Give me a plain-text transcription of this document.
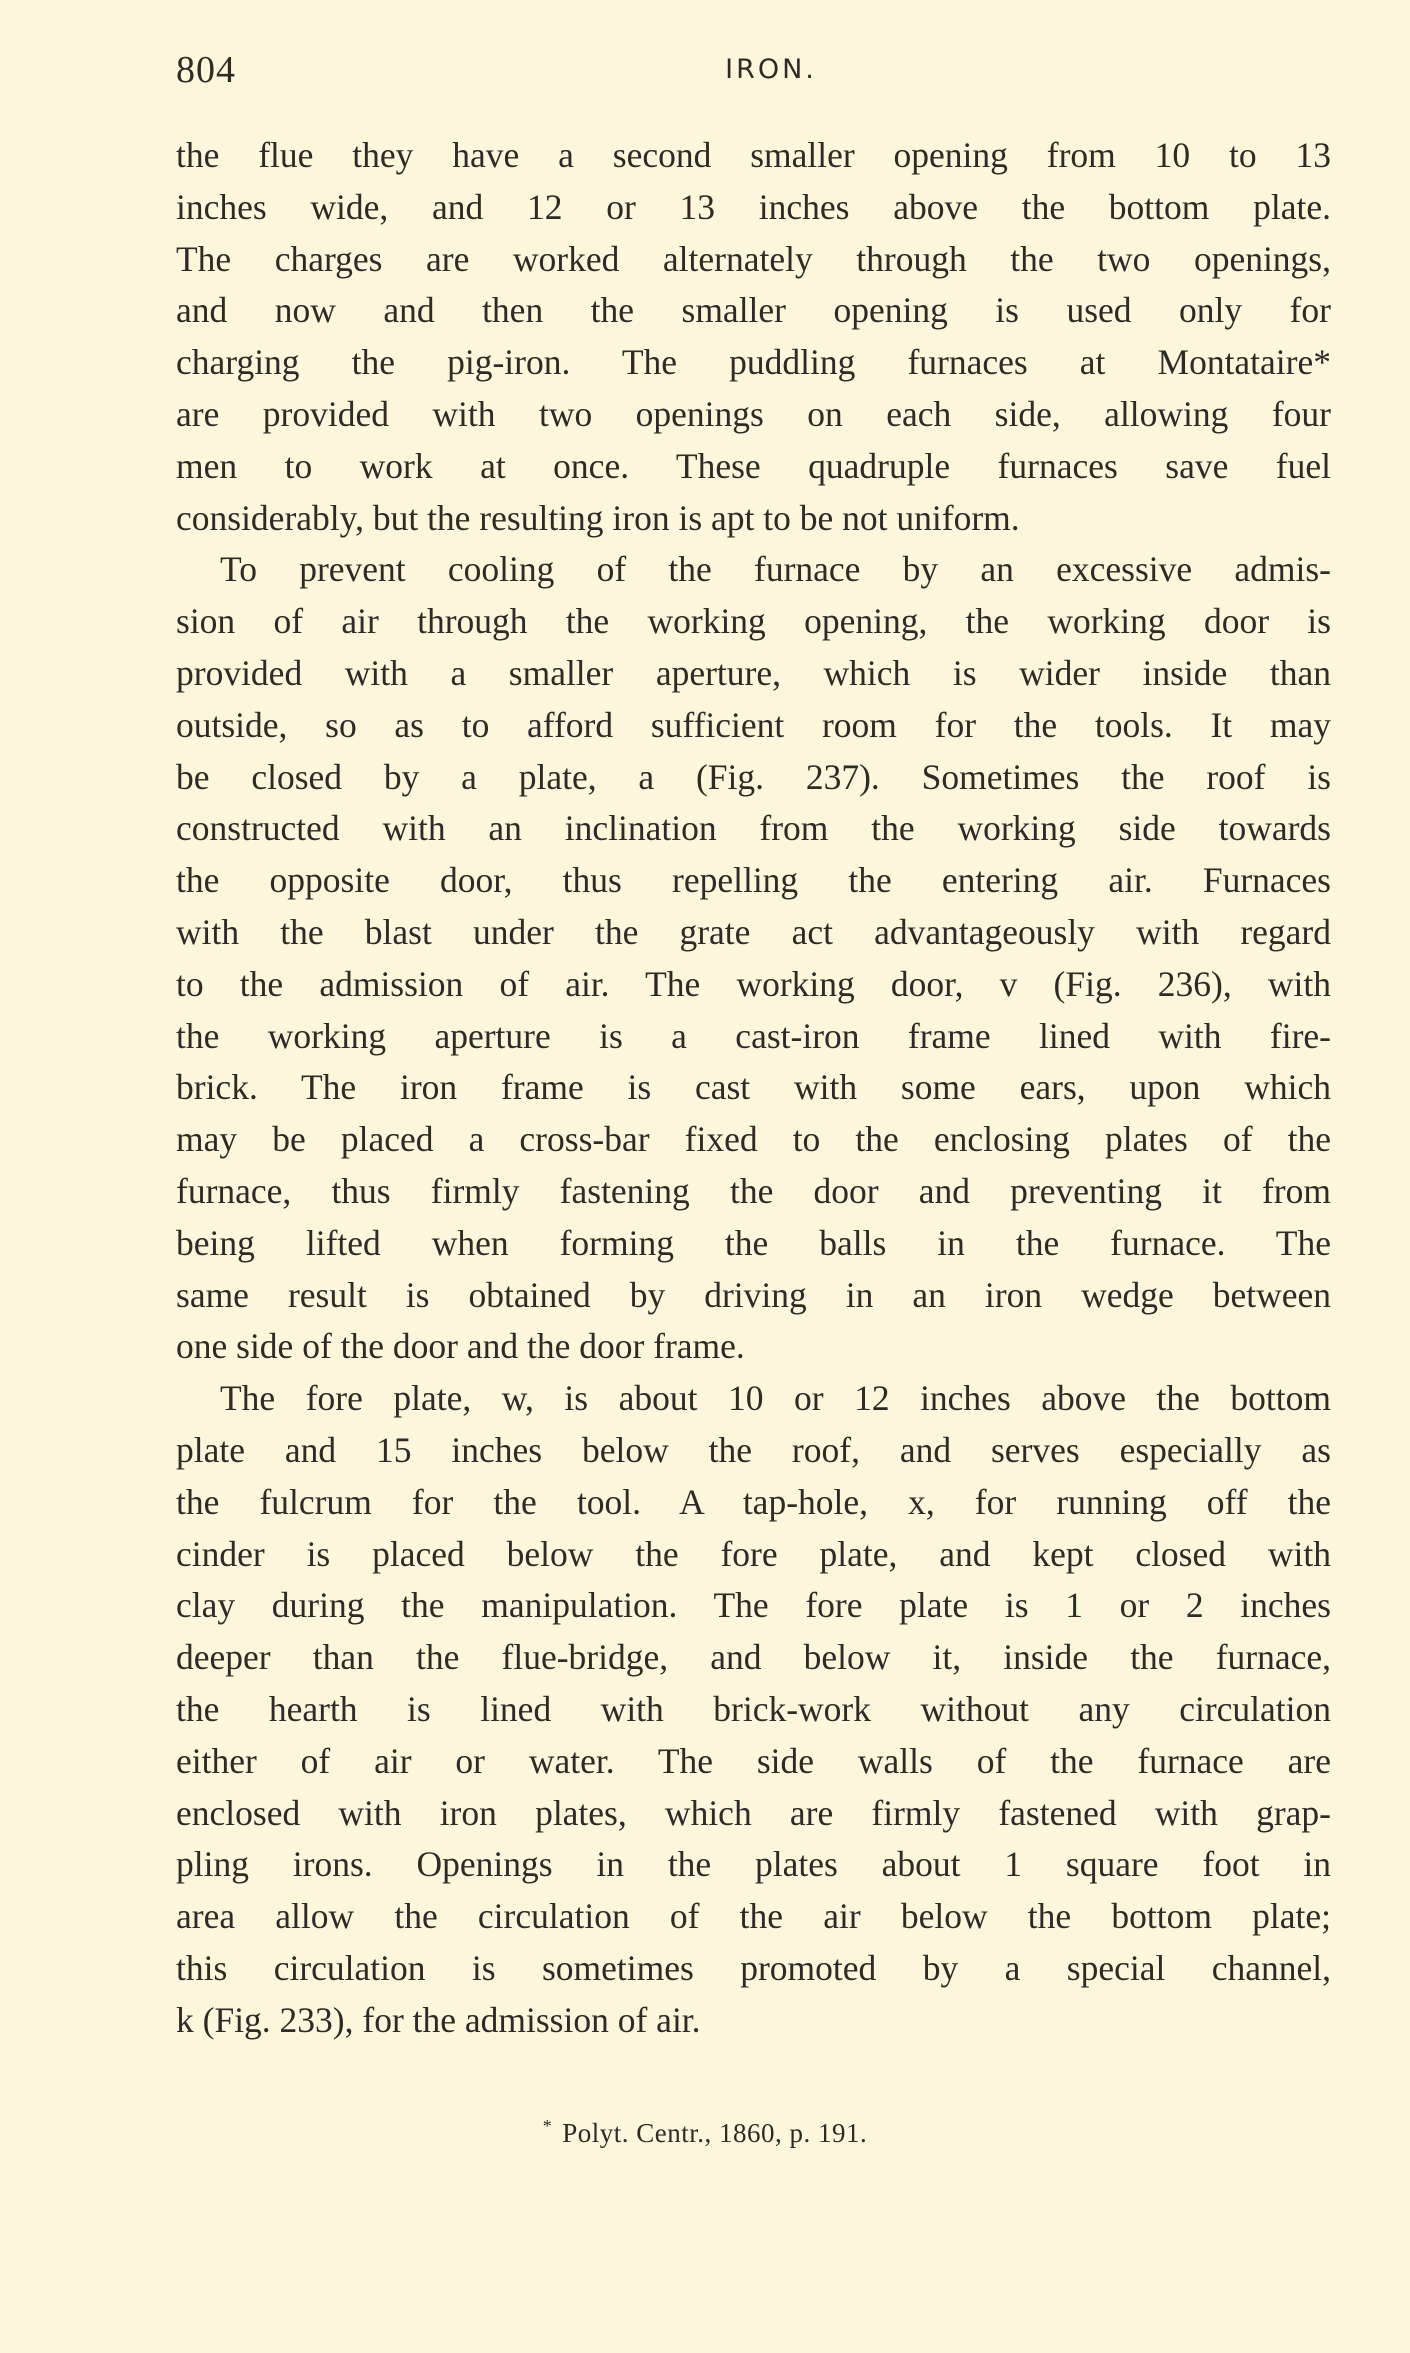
804	IRON.
the flue they have a second smaller opening from 10 to 13
inches wide, and 12 or 13 inches above the bottom plate.
The charges are worked alternately through the two openings,
and now and then the smaller opening is used only for
charging the pig-iron. The puddling furnaces at Montataire*
are provided with two openings on each side, allowing four
men to work at once. These quadruple furnaces save fuel
considerably, but the resulting iron is apt to be not uniform.
To prevent cooling of the furnace by an excessive admis-
sion of air through the working opening, the working door is
provided with a smaller aperture, which is wider inside than
outside, so as to afford sufficient room for the tools. It may
be closed by a plate, a (Fig. 237). Sometimes the roof is
constructed with an inclination from the working side towards
the opposite door, thus repelling the entering air. Furnaces
with the blast under the grate act advantageously with regard
to the admission of air. The working door, v (Fig. 236), with
the working aperture is a cast-iron frame lined with fire-
brick. The iron frame is cast with some ears, upon which
may be placed a cross-bar fixed to the enclosing plates of the
furnace, thus firmly fastening the door and preventing it from
being lifted when forming the balls in the furnace. The
same result is obtained by driving in an iron wedge between
one side of the door and the door frame.
The fore plate, w, is about 10 or 12 inches above the bottom
plate and 15 inches below the roof, and serves especially as
the fulcrum for the tool. A tap-hole, x, for running off the
cinder is placed below the fore plate, and kept closed with
clay during the manipulation. The fore plate is 1 or 2 inches
deeper than the flue-bridge, and below it, inside the furnace,
the hearth is lined with brick-work without any circulation
either of air or water. The side walls of the furnace are
enclosed with iron plates, which are firmly fastened with grap-
pling irons. Openings in the plates about 1 square foot in
area allow the circulation of the air below the bottom plate;
this circulation is sometimes promoted by a special channel,
k (Fig. 233), for the admission of air.
* Polyt. Centr., 1860, p. 191.
